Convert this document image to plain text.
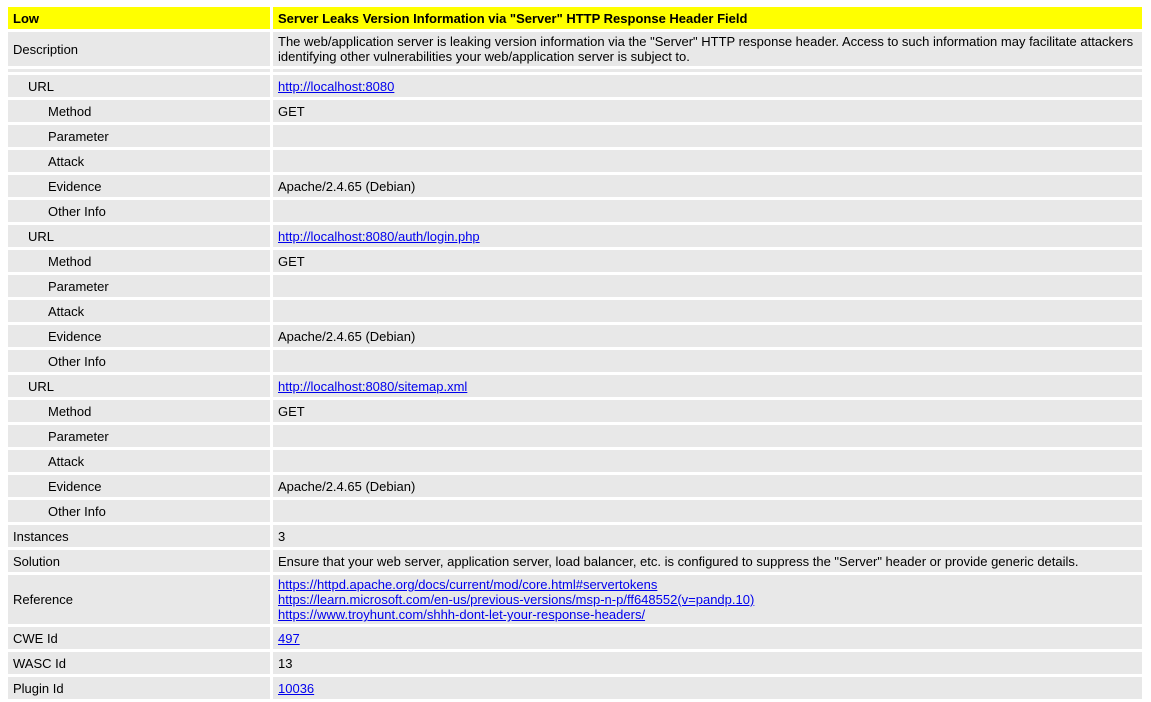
Low	Server Leaks Version Information via "Server" HTTP Response Header Field
Description	The web/application server is leaking version information via the "Server" HTTP response header. Access to such information may facilitate attackers identifying other vulnerabilities your web/application server is subject to.

URL	http://localhost:8080
Method	GET
Parameter	
Attack	
Evidence	Apache/2.4.65 (Debian)
Other Info	
URL	http://localhost:8080/auth/login.php
Method	GET
Parameter	
Attack	
Evidence	Apache/2.4.65 (Debian)
Other Info	
URL	http://localhost:8080/sitemap.xml
Method	GET
Parameter	
Attack	
Evidence	Apache/2.4.65 (Debian)
Other Info	
Instances	3
Solution	Ensure that your web server, application server, load balancer, etc. is configured to suppress the "Server" header or provide generic details.
Reference	https://httpd.apache.org/docs/current/mod/core.html#servertokens
https://learn.microsoft.com/en-us/previous-versions/msp-n-p/ff648552(v=pandp.10)
https://www.troyhunt.com/shhh-dont-let-your-response-headers/
CWE Id	497
WASC Id	13
Plugin Id	10036
